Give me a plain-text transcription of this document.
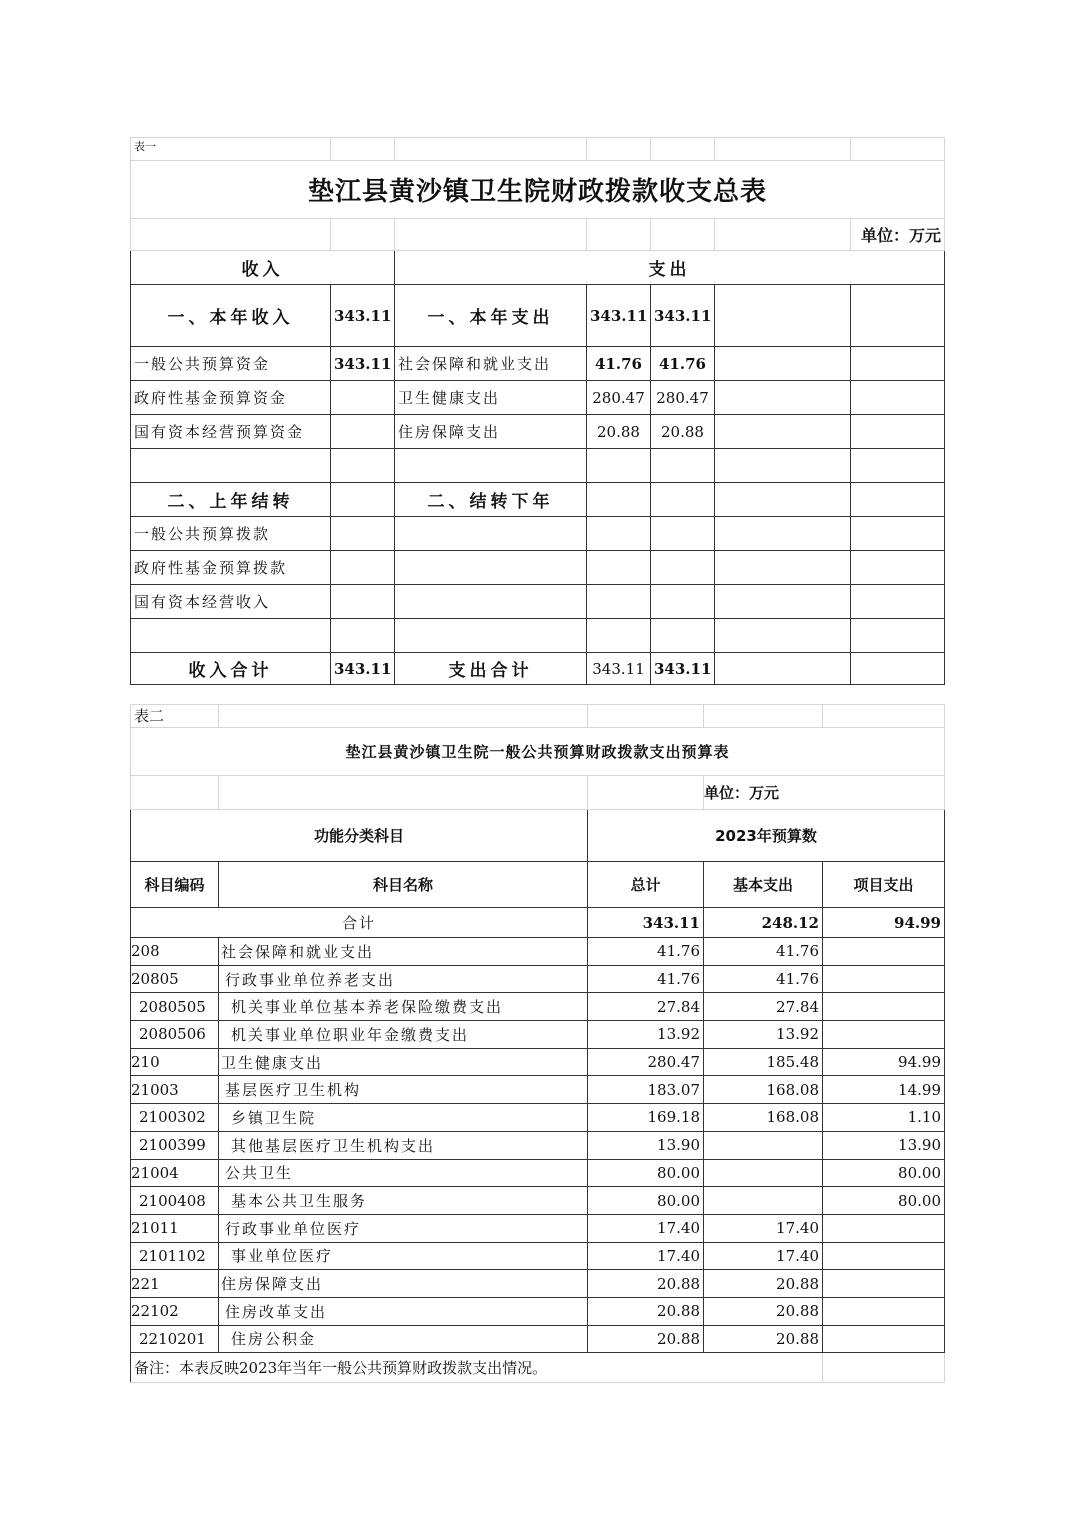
表一						
垫江县黄沙镇卫生院财政拨款收支总表						
						单位：万元
收入		支出				
一、本年收入	343.11	一、本年支出	343.11	343.11		
一般公共预算资金	343.11	社会保障和就业支出	41.76	41.76		
政府性基金预算资金		卫生健康支出	280.47	280.47		
国有资本经营预算资金		住房保障支出	20.88	20.88		

二、上年结转		二、结转下年				
一般公共预算拨款						
政府性基金预算拨款						
国有资本经营收入						

收入合计	343.11	支出合计	343.11	343.11		
表二				
垫江县黄沙镇卫生院一般公共预算财政拨款支出预算表				
			单位：万元	
功能分类科目		2023年预算数		
科目编码	科目名称	总计	基本支出	项目支出
合计		343.11	248.12	94.99
208	社会保障和就业支出	41.76	41.76	
20805	行政事业单位养老支出	41.76	41.76	
2080505	机关事业单位基本养老保险缴费支出	27.84	27.84	
2080506	机关事业单位职业年金缴费支出	13.92	13.92	
210	卫生健康支出	280.47	185.48	94.99
21003	基层医疗卫生机构	183.07	168.08	14.99
2100302	乡镇卫生院	169.18	168.08	1.10
2100399	其他基层医疗卫生机构支出	13.90		13.90
21004	公共卫生	80.00		80.00
2100408	基本公共卫生服务	80.00		80.00
21011	行政事业单位医疗	17.40	17.40	
2101102	事业单位医疗	17.40	17.40	
221	住房保障支出	20.88	20.88	
22102	住房改革支出	20.88	20.88	
2210201	住房公积金	20.88	20.88	
备注：本表反映2023年当年一般公共预算财政拨款支出情况。				
